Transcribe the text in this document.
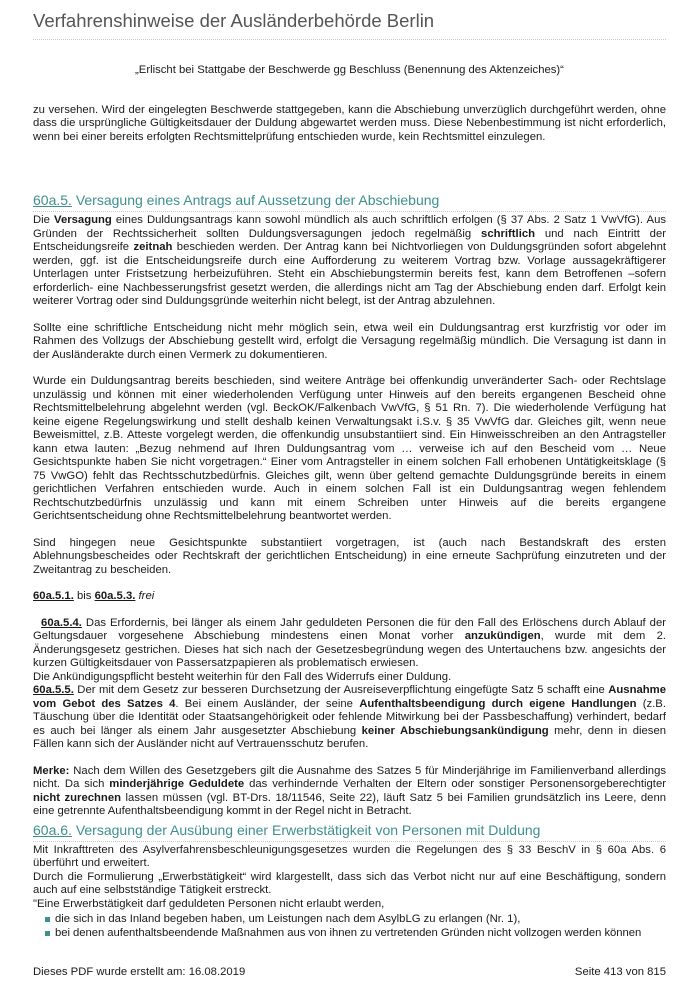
Verfahrenshinweise der Ausländerbehörde Berlin

„Erlischt bei Stattgabe der Beschwerde gg Beschluss (Benennung des Aktenzeiches)“

zu versehen. Wird der eingelegten Beschwerde stattgegeben, kann die Abschiebung unverzüglich durchgeführt werden, ohne dass die ursprüngliche Gültigkeitsdauer der Duldung abgewartet werden muss. Diese Nebenbestimmung ist nicht erforderlich, wenn bei einer bereits erfolgten Rechtsmittelprüfung entschieden wurde, kein Rechtsmittel einzulegen.

60a.5. Versagung eines Antrags auf Aussetzung der Abschiebung

Die Versagung eines Duldungsantrags kann sowohl mündlich als auch schriftlich erfolgen (§ 37 Abs. 2 Satz 1 VwVfG). Aus Gründen der Rechtssicherheit sollten Duldungsversagungen jedoch regelmäßig schriftlich und nach Eintritt der Entscheidungsreife zeitnah beschieden werden. Der Antrag kann bei Nichtvorliegen von Duldungsgründen sofort abgelehnt werden, ggf. ist die Entscheidungsreife durch eine Aufforderung zu weiterem Vortrag bzw. Vorlage aussagekräftigerer Unterlagen unter Fristsetzung herbeizuführen. Steht ein Abschiebungstermin bereits fest, kann dem Betroffenen –sofern erforderlich- eine Nachbesserungsfrist gesetzt werden, die allerdings nicht am Tag der Abschiebung enden darf. Erfolgt kein weiterer Vortrag oder sind Duldungsgründe weiterhin nicht belegt, ist der Antrag abzulehnen.

Sollte eine schriftliche Entscheidung nicht mehr möglich sein, etwa weil ein Duldungsantrag erst kurzfristig vor oder im Rahmen des Vollzugs der Abschiebung gestellt wird, erfolgt die Versagung regelmäßig mündlich. Die Versagung ist dann in der Ausländerakte durch einen Vermerk zu dokumentieren.

Wurde ein Duldungsantrag bereits beschieden, sind weitere Anträge bei offenkundig unveränderter Sach- oder Rechtslage unzulässig und können mit einer wiederholenden Verfügung unter Hinweis auf den bereits ergangenen Bescheid ohne Rechtsmittelbelehrung abgelehnt werden (vgl. BeckOK/Falkenbach VwVfG, § 51 Rn. 7). Die wiederholende Verfügung hat keine eigene Regelungswirkung und stellt deshalb keinen Verwaltungsakt i.S.v. § 35 VwVfG dar. Gleiches gilt, wenn neue Beweismittel, z.B. Atteste vorgelegt werden, die offenkundig unsubstantiiert sind. Ein Hinweisschreiben an den Antragsteller kann etwa lauten: „Bezug nehmend auf Ihren Duldungsantrag vom … verweise ich auf den Bescheid vom … Neue Gesichtspunkte haben Sie nicht vorgetragen.“ Einer vom Antragsteller in einem solchen Fall erhobenen Untätigkeitsklage (§ 75 VwGO) fehlt das Rechtsschutzbedürfnis. Gleiches gilt, wenn über geltend gemachte Duldungsgründe bereits in einem gerichtlichen Verfahren entschieden wurde. Auch in einem solchen Fall ist ein Duldungsantrag wegen fehlendem Rechtschutzbedürfnis unzulässig und kann mit einem Schreiben unter Hinweis auf die bereits ergangene Gerichtsentscheidung ohne Rechtsmittelbelehrung beantwortet werden.

Sind hingegen neue Gesichtspunkte substantiiert vorgetragen, ist (auch nach Bestandskraft des ersten Ablehnungsbescheides oder Rechtskraft der gerichtlichen Entscheidung) in eine erneute Sachprüfung einzutreten und der Zweitantrag zu bescheiden.

60a.5.1. bis 60a.5.3. frei

60a.5.4. Das Erfordernis, bei länger als einem Jahr geduldeten Personen die für den Fall des Erlöschens durch Ablauf der Geltungsdauer vorgesehene Abschiebung mindestens einen Monat vorher anzukündigen, wurde mit dem 2. Änderungsgesetz gestrichen. Dieses hat sich nach der Gesetzesbegründung wegen des Untertauchens bzw. angesichts der kurzen Gültigkeitsdauer von Passersatzpapieren als problematisch erwiesen.

Die Ankündigungspflicht besteht weiterhin für den Fall des Widerrufs einer Duldung.

60a.5.5. Der mit dem Gesetz zur besseren Durchsetzung der Ausreiseverpflichtung eingefügte Satz 5 schafft eine Ausnahme vom Gebot des Satzes 4. Bei einem Ausländer, der seine Aufenthaltsbeendigung durch eigene Handlungen (z.B. Täuschung über die Identität oder Staatsangehörigkeit oder fehlende Mitwirkung bei der Passbeschaffung) verhindert, bedarf es auch bei länger als einem Jahr ausgesetzter Abschiebung keiner Abschiebungsankündigung mehr, denn in diesen Fällen kann sich der Ausländer nicht auf Vertrauensschutz berufen.

Merke: Nach dem Willen des Gesetzgebers gilt die Ausnahme des Satzes 5 für Minderjährige im Familienverband allerdings nicht. Da sich minderjährige Geduldete das verhindernde Verhalten der Eltern oder sonstiger Personensorgeberechtigter nicht zurechnen lassen müssen (vgl. BT-Drs. 18/11546, Seite 22), läuft Satz 5 bei Familien grundsätzlich ins Leere, denn eine getrennte Aufenthaltsbeendigung kommt in der Regel nicht in Betracht.

60a.6. Versagung der Ausübung einer Erwerbstätigkeit von Personen mit Duldung

Mit Inkrafttreten des Asylverfahrensbeschleunigungsgesetzes wurden die Regelungen des § 33 BeschV in § 60a Abs. 6 überführt und erweitert.

Durch die Formulierung „Erwerbstätigkeit“ wird klargestellt, dass sich das Verbot nicht nur auf eine Beschäftigung, sondern auch auf eine selbstständige Tätigkeit erstreckt.

"Eine Erwerbstätigkeit darf geduldeten Personen nicht erlaubt werden,

die sich in das Inland begeben haben, um Leistungen nach dem AsylbLG zu erlangen (Nr. 1),
bei denen aufenthaltsbeendende Maßnahmen aus von ihnen zu vertretenden Gründen nicht vollzogen werden können
Dieses PDF wurde erstellt am: 16.08.2019	Seite 413 von 815
